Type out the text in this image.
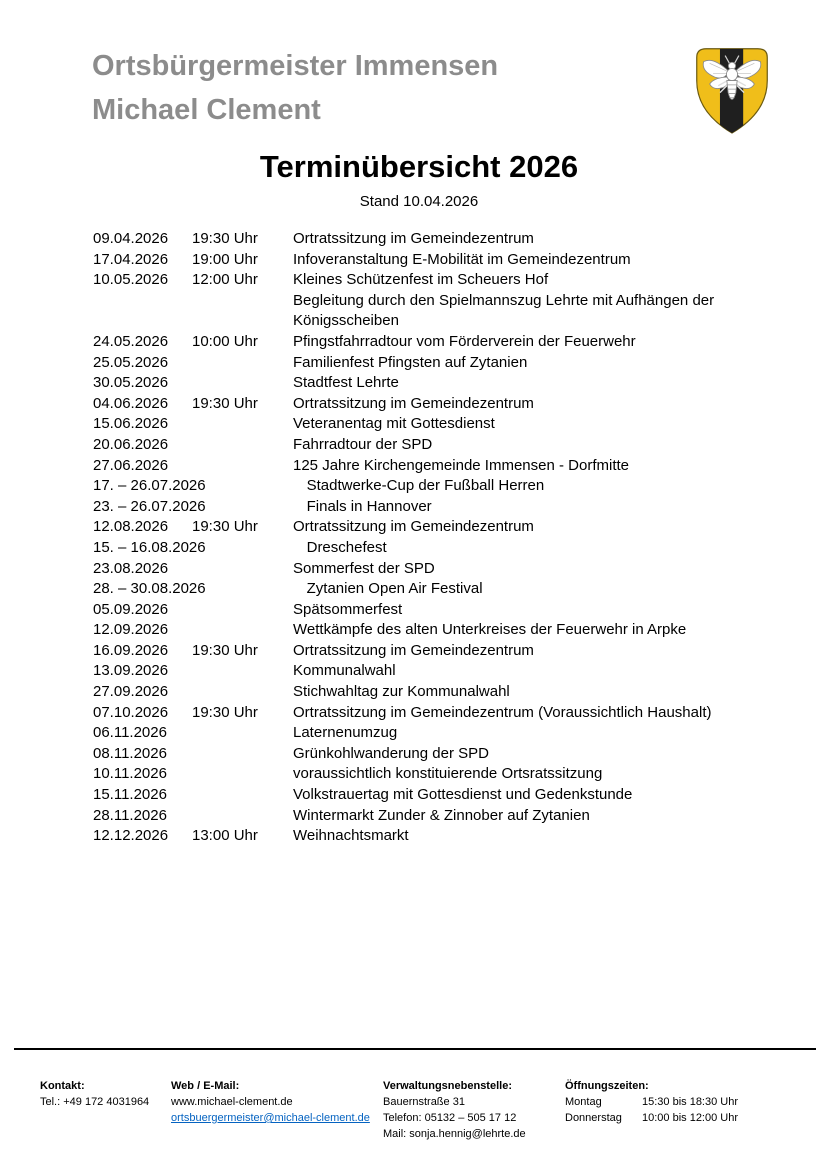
Ortsbürgermeister Immensen
Michael Clement
Terminübersicht 2026
Stand 10.04.2026
09.04.2026	19:30 Uhr	Ortratssitzung im Gemeindezentrum
17.04.2026	19:00 Uhr	Infoveranstaltung E-Mobilität im Gemeindezentrum
10.05.2026	12:00 Uhr	Kleines Schützenfest im Scheuers Hof
Begleitung durch den Spielmannszug Lehrte mit Aufhängen der Königsscheiben
24.05.2026	10:00 Uhr	Pfingstfahrradtour vom Förderverein der Feuerwehr
25.05.2026	Familienfest Pfingsten auf Zytanien
30.05.2026	Stadtfest Lehrte
04.06.2026	19:30 Uhr	Ortratssitzung im Gemeindezentrum
15.06.2026	Veteranentag mit Gottesdienst
20.06.2026	Fahrradtour der SPD
27.06.2026	125 Jahre Kirchengemeinde Immensen - Dorfmitte
17. – 26.07.2026	Stadtwerke-Cup der Fußball Herren
23. – 26.07.2026	Finals in Hannover
12.08.2026	19:30 Uhr	Ortratssitzung im Gemeindezentrum
15. – 16.08.2026	Dreschefest
23.08.2026	Sommerfest der SPD
28. – 30.08.2026	Zytanien Open Air Festival
05.09.2026	Spätsommerfest
12.09.2026	Wettkämpfe des alten Unterkreises der Feuerwehr in Arpke
16.09.2026	19:30 Uhr	Ortratssitzung im Gemeindezentrum
13.09.2026	Kommunalwahl
27.09.2026	Stichwahltag zur Kommunalwahl
07.10.2026	19:30 Uhr	Ortratssitzung im Gemeindezentrum (Voraussichtlich Haushalt)
06.11.2026	Laternenumzug
08.11.2026	Grünkohlwanderung der SPD
10.11.2026	voraussichtlich konstituierende Ortsratssitzung
15.11.2026	Volkstrauertag mit Gottesdienst und Gedenkstunde
28.11.2026	Wintermarkt Zunder & Zinnober auf Zytanien
12.12.2026	13:00 Uhr	Weihnachtsmarkt
Kontakt:
Tel.: +49 172 4031964
Web / E-Mail:
www.michael-clement.de
ortsbuergermeister@michael-clement.de
Verwaltungsnebenstelle:
Bauernstraße 31
Telefon: 05132 – 505 17 12
Mail: sonja.hennig@lehrte.de
Öffnungszeiten:
Montag	15:30 bis 18:30 Uhr
Donnerstag	10:00 bis 12:00 Uhr
